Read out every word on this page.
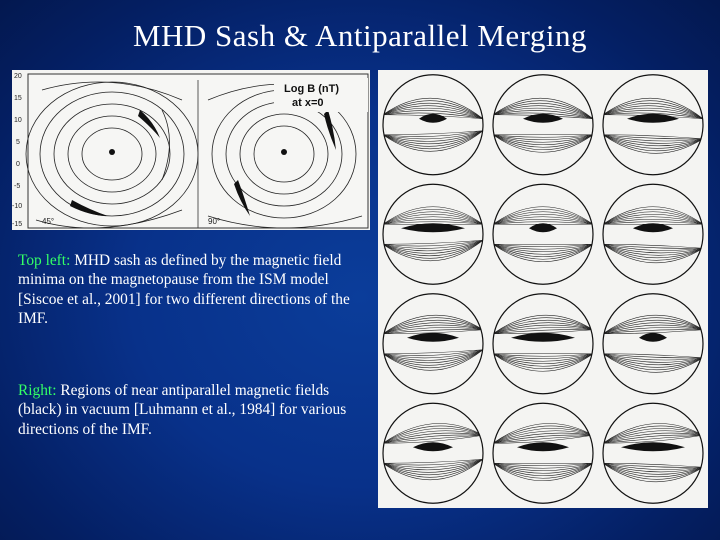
MHD Sash & Antiparallel Merging
20
15
10
5
0
-5
-10
-15
Log B (nT)
at x=0
45°	90°
Top left: MHD sash as defined by the magnetic field minima on the magnetopause from the ISM model [Siscoe et al., 2001] for two different directions of the IMF.
Right: Regions of near antiparallel magnetic fields (black) in vacuum [Luhmann et al., 1984] for various directions of the IMF.
